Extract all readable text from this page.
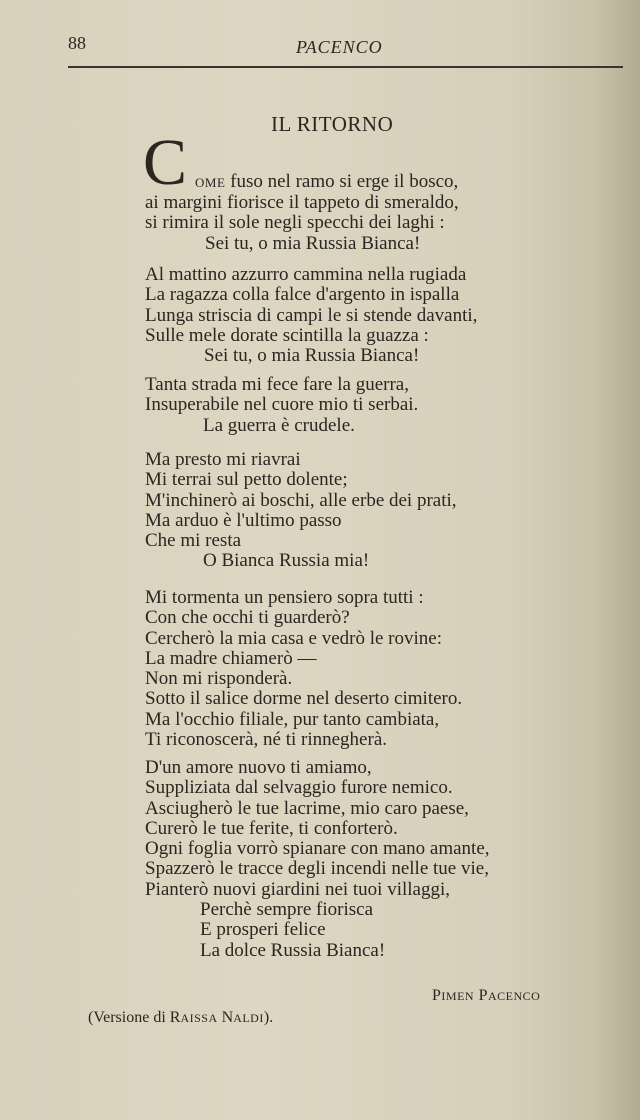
88	PACENCO
IL RITORNO
C OME fuso nel ramo si erge il bosco,
ai margini fiorisce il tappeto di smeraldo,
si rimira il sole negli specchi dei laghi :
Sei tu, o mia Russia Bianca!
Al mattino azzurro cammina nella rugiada
La ragazza colla falce d'argento in ispalla
Lunga striscia di campi le si stende davanti,
Sulle mele dorate scintilla la guazza :
Sei tu, o mia Russia Bianca!
Tanta strada mi fece fare la guerra,
Insuperabile nel cuore mio ti serbai.
La guerra è crudele.
Ma presto mi riavrai
Mi terrai sul petto dolente;
M'inchinerò ai boschi, alle erbe dei prati,
Ma arduo è l'ultimo passo
Che mi resta
O Bianca Russia mia!
Mi tormenta un pensiero sopra tutti :
Con che occhi ti guarderò?
Cercherò la mia casa e vedrò le rovine:
La madre chiamerò —
Non mi risponderà.
Sotto il salice dorme nel deserto cimitero.
Ma l'occhio filiale, pur tanto cambiata,
Ti riconoscerà, né ti rinnegherà.
D'un amore nuovo ti amiamo,
Suppliziata dal selvaggio furore nemico.
Asciugherò le tue lacrime, mio caro paese,
Curerò le tue ferite, ti conforterò.
Ogni foglia vorrò spianare con mano amante,
Spazzerò le tracce degli incendi nelle tue vie,
Pianterò nuovi giardini nei tuoi villaggi,
Perchè sempre fiorisca
E prosperi felice
La dolce Russia Bianca!
PIMEN PACENCO
(Versione di RAISSA NALDI).
